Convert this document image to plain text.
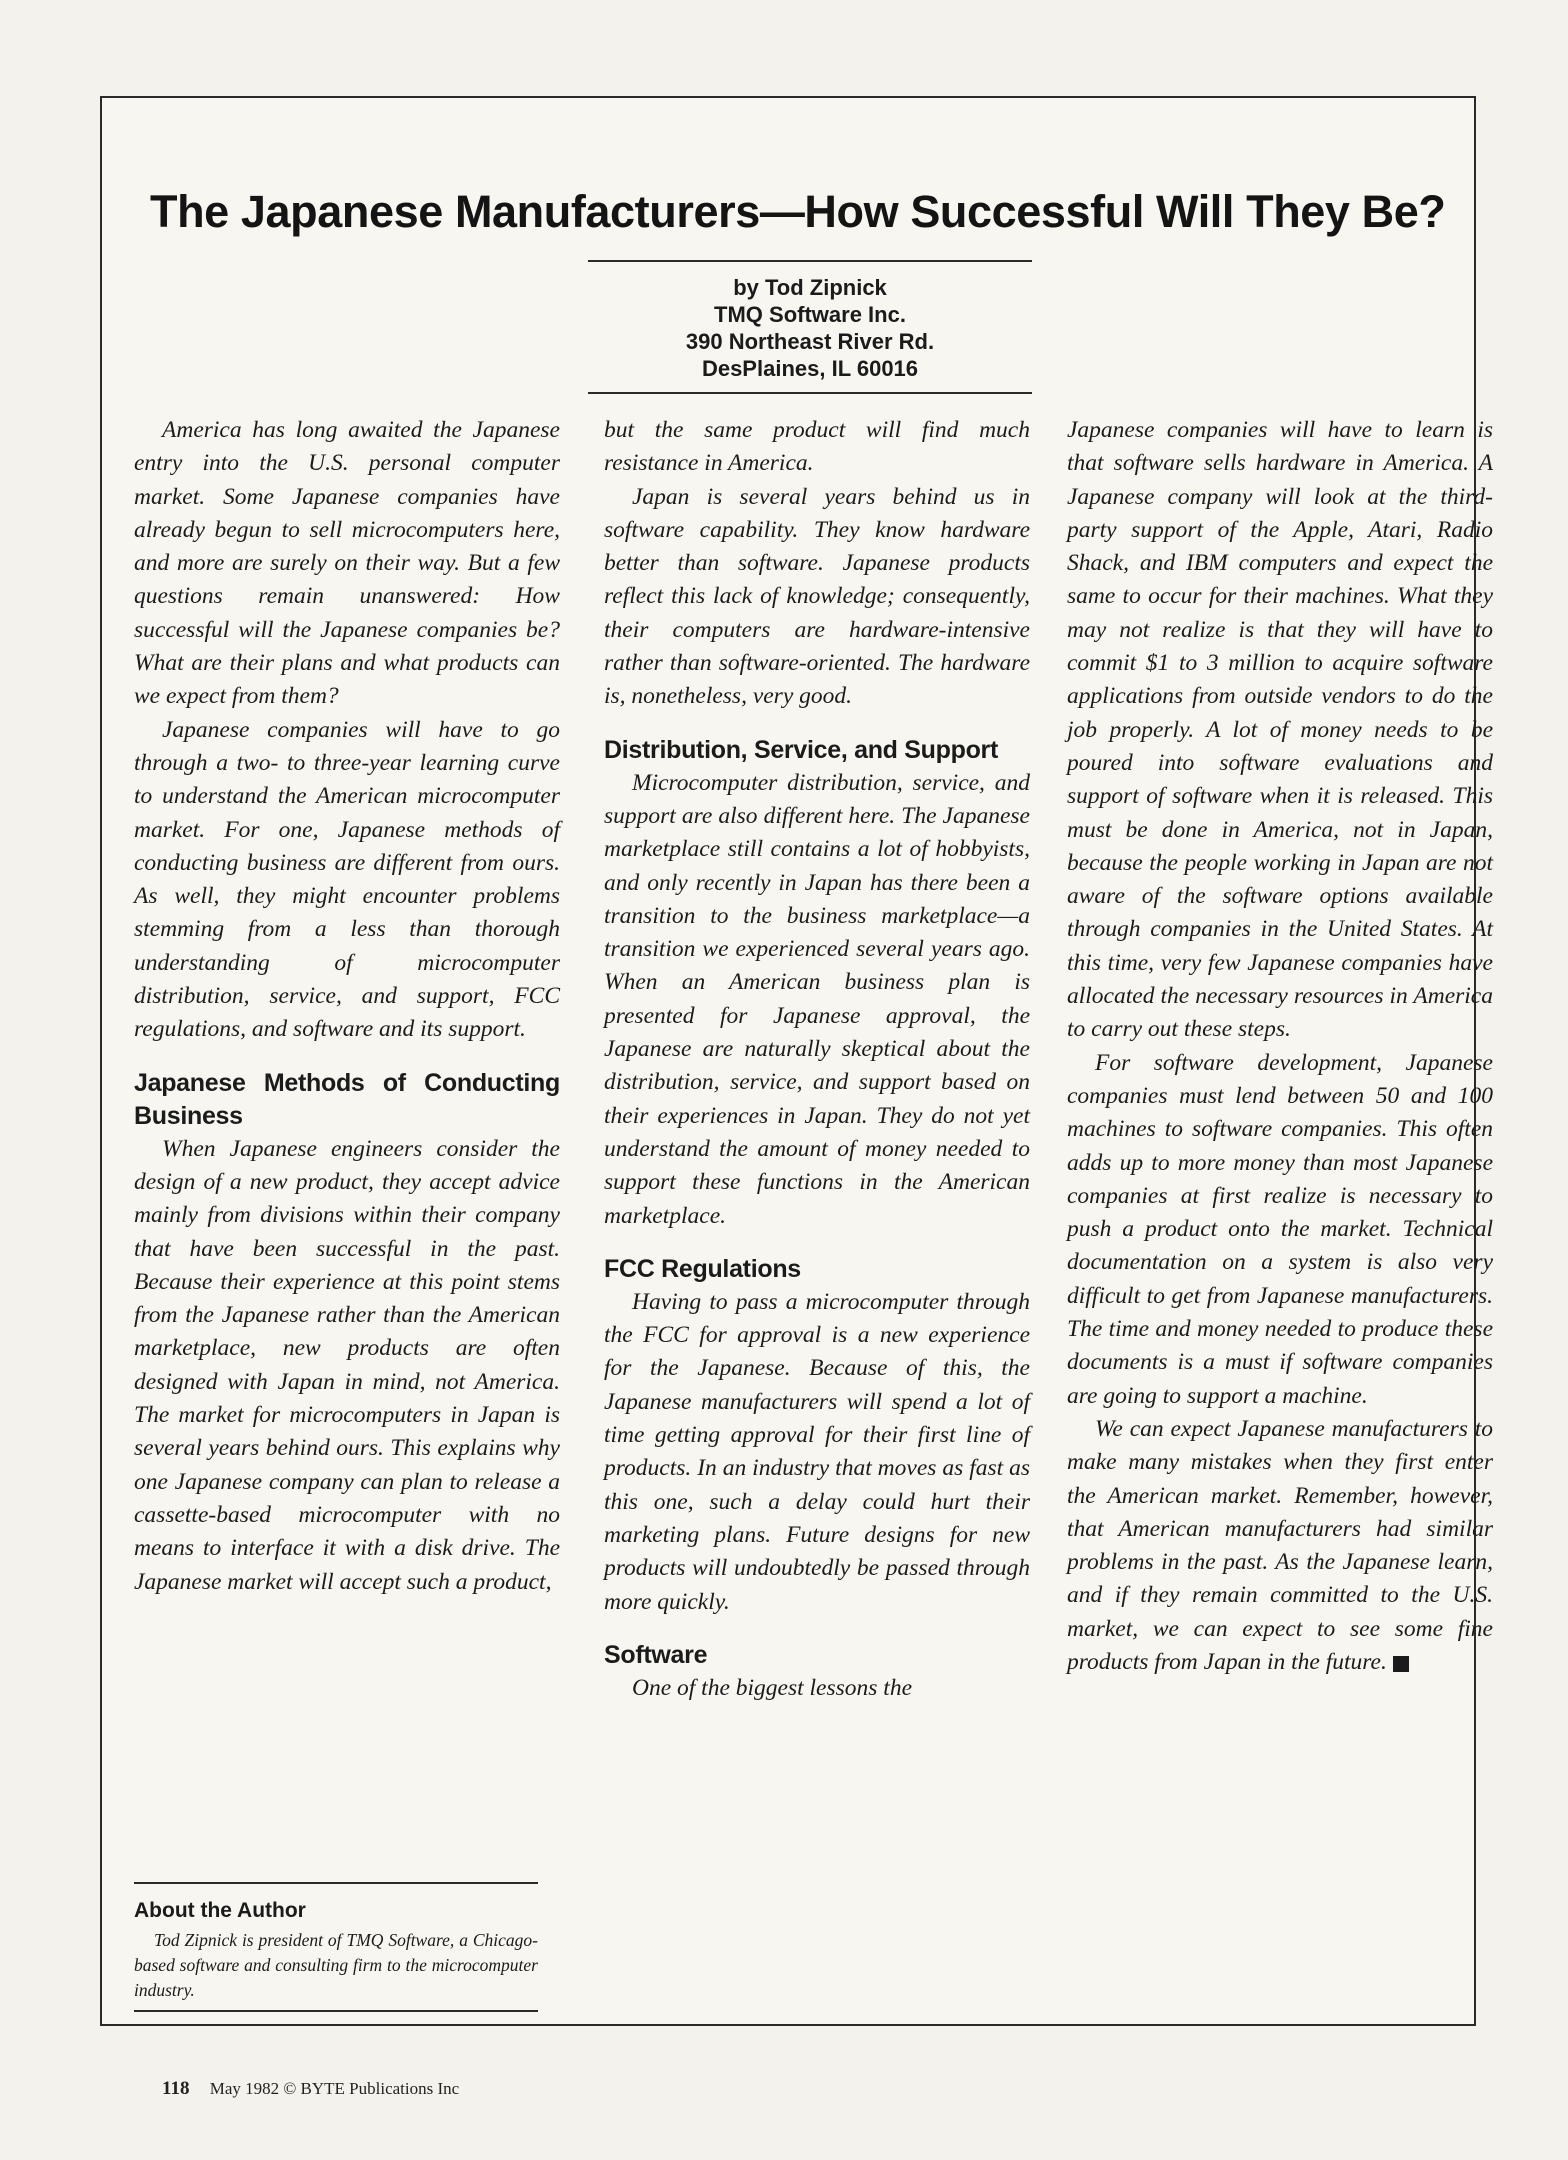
The Japanese Manufacturers—How Successful Will They Be?
by Tod Zipnick
TMQ Software Inc.
390 Northeast River Rd.
DesPlaines, IL 60016

America has long awaited the Japanese entry into the U.S. personal computer market. Some Japanese companies have already begun to sell microcomputers here, and more are surely on their way. But a few questions remain unanswered: How successful will the Japanese companies be? What are their plans and what products can we expect from them?

Japanese companies will have to go through a two- to three-year learning curve to understand the American microcomputer market. For one, Japanese methods of conducting business are different from ours. As well, they might encounter problems stemming from a less than thorough understanding of microcomputer distribution, service, and support, FCC regulations, and software and its support.

Japanese Methods of Conducting Business

When Japanese engineers consider the design of a new product, they accept advice mainly from divisions within their company that have been successful in the past. Because their experience at this point stems from the Japanese rather than the American marketplace, new products are often designed with Japan in mind, not America. The market for microcomputers in Japan is several years behind ours. This explains why one Japanese company can plan to release a cassette-based microcomputer with no means to interface it with a disk drive. The Japanese market will accept such a product,

About the Author

Tod Zipnick is president of TMQ Software, a Chicago-based software and consulting firm to the microcomputer industry.

but the same product will find much resistance in America.

Japan is several years behind us in software capability. They know hardware better than software. Japanese products reflect this lack of knowledge; consequently, their computers are hardware-intensive rather than software-oriented. The hardware is, nonetheless, very good.

Distribution, Service, and Support

Microcomputer distribution, service, and support are also different here. The Japanese marketplace still contains a lot of hobbyists, and only recently in Japan has there been a transition to the business marketplace—a transition we experienced several years ago. When an American business plan is presented for Japanese approval, the Japanese are naturally skeptical about the distribution, service, and support based on their experiences in Japan. They do not yet understand the amount of money needed to support these functions in the American marketplace.

FCC Regulations

Having to pass a microcomputer through the FCC for approval is a new experience for the Japanese. Because of this, the Japanese manufacturers will spend a lot of time getting approval for their first line of products. In an industry that moves as fast as this one, such a delay could hurt their marketing plans. Future designs for new products will undoubtedly be passed through more quickly.

Software

One of the biggest lessons the

Japanese companies will have to learn is that software sells hardware in America. A Japanese company will look at the third-party support of the Apple, Atari, Radio Shack, and IBM computers and expect the same to occur for their machines. What they may not realize is that they will have to commit $1 to 3 million to acquire software applications from outside vendors to do the job properly. A lot of money needs to be poured into software evaluations and support of software when it is released. This must be done in America, not in Japan, because the people working in Japan are not aware of the software options available through companies in the United States. At this time, very few Japanese companies have allocated the necessary resources in America to carry out these steps.

For software development, Japanese companies must lend between 50 and 100 machines to software companies. This often adds up to more money than most Japanese companies at first realize is necessary to push a product onto the market. Technical documentation on a system is also very difficult to get from Japanese manufacturers. The time and money needed to produce these documents is a must if software companies are going to support a machine.

We can expect Japanese manufacturers to make many mistakes when they first enter the American market. Remember, however, that American manufacturers had similar problems in the past. As the Japanese learn, and if they remain committed to the U.S. market, we can expect to see some fine products from Japan in the future.

118 May 1982 © BYTE Publications Inc
